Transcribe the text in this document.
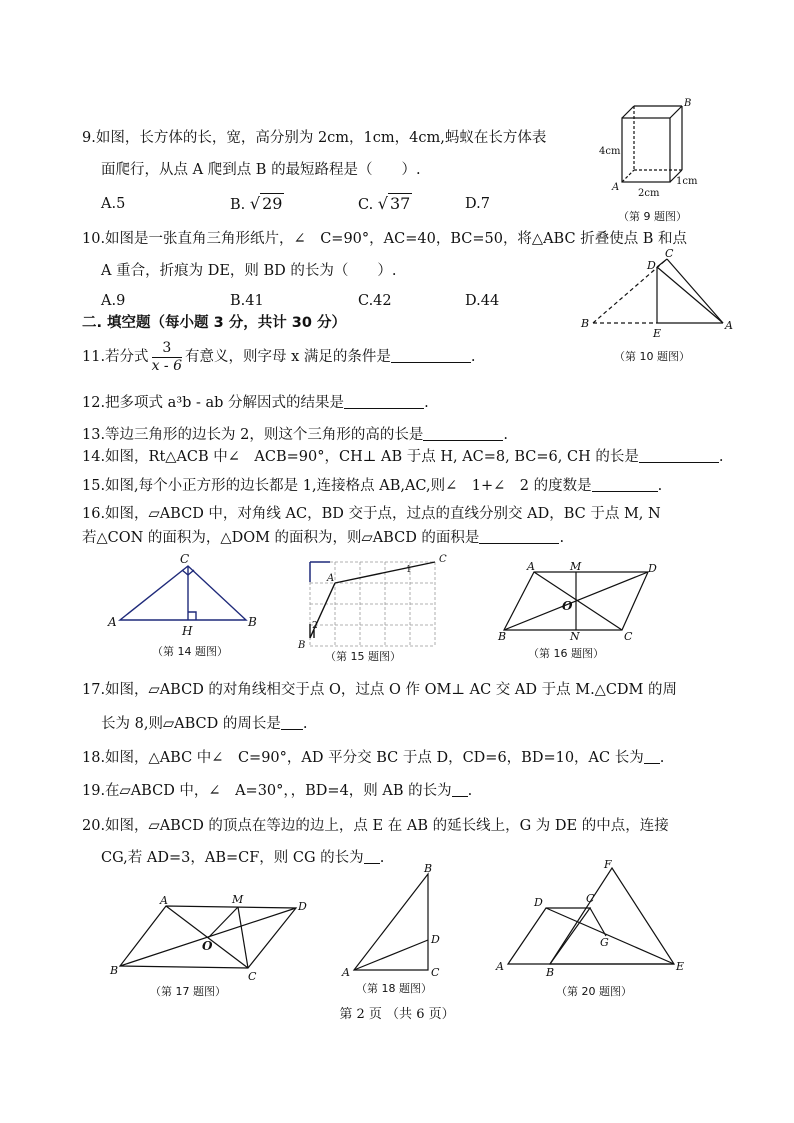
9.如图，长方体的长，宽，高分别为 2cm，1cm，4cm,蚂蚁在长方体表
面爬行，从点 A 爬到点 B 的最短路程是（　　）.
A.5	B. √ 29	C. √ 37	D.7
B
A
4cm
1cm
2cm
（第 9 题图）
10.如图是一张直角三角形纸片，∠　C=90°，AC=40，BC=50，将△ABC 折叠使点 B 和点
A 重合，折痕为 DE，则 BD 的长为（　　）.
A.9	B.41	C.42	D.44
D
C
B
E
A
（第 10 题图）
二. 填空题（每小题 3 分，共计 30 分）
11.若分式 $\frac{3}{x - 6}$ 有意义，则字母 x 满足的条件是	.
12.把多项式 a³b - ab 分解因式的结果是	.
13.等边三角形的边长为 2，则这个三角形的高的长是	.
14.如图，Rt△ACB 中∠　ACB=90°，CH⊥ AB 于点 H, AC=8, BC=6, CH 的长是	.
15.如图,每个小正方形的边长都是 1,连接格点 AB,AC,则∠　1+∠　2 的度数是	.
16.如图，▱ABCD 中，对角线 AC，BD 交于点，过点的直线分别交 AD，BC 于点 M, N
若△CON 的面积为，△DOM 的面积为，则▱ABCD 的面积是	.
C
A
H
B
（第 14 题图）
C
A
B
1
2
（第 15 题图）
A	M	D
O
B	N	C
（第 16 题图）
17.如图，▱ABCD 的对角线相交于点 O，过点 O 作 OM⊥ AC 交 AD 于点 M.△CDM 的周
长为 8,则▱ABCD 的周长是 .
18.如图，△ABC 中∠　C=90°，AD 平分交 BC 于点 D，CD=6，BD=10，AC 长为 .
19.在▱ABCD 中，∠　A=30°，，BD=4，则 AB 的长为 .
20.如图，▱ABCD 的顶点在等边的边上，点 E 在 AB 的延长线上，G 为 DE 的中点，连接
CG,若 AD=3，AB=CF，则 CG 的长为 .
A	M
D
O
B	C
（第 17 题图）
B
D
A	C
（第 18 题图）
F
D	C
G
A	B	E
（第 20 题图）
第 2 页 （共 6 页）
